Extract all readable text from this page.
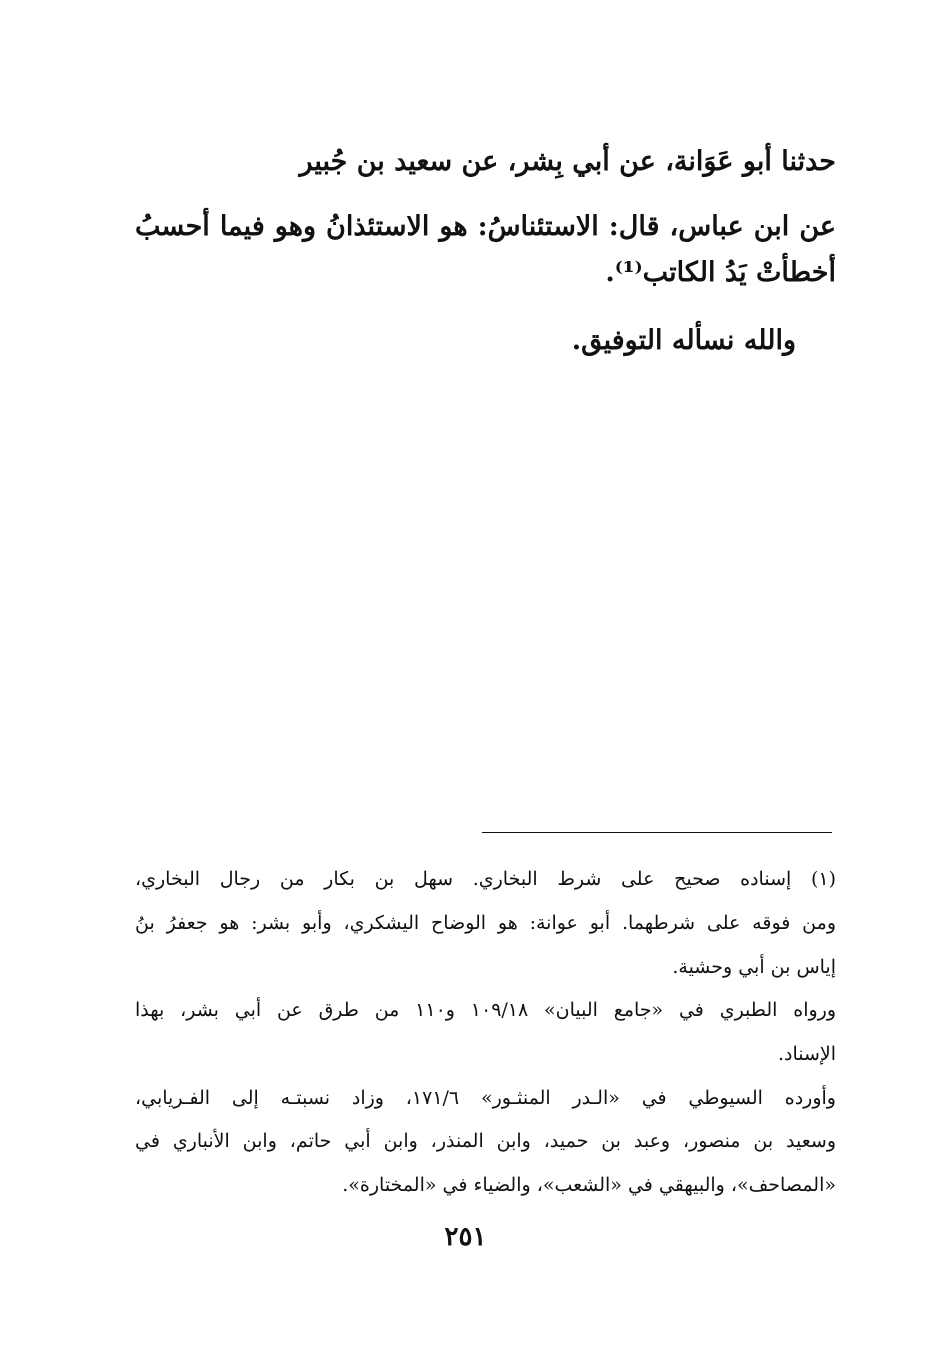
حدثنا أبو عَوَانة، عن أبي بِشر، عن سعيد بن جُبير

عن ابن عباس، قال: الاستئناسُ: هو الاستئذانُ وهو فيما أحسبُ

أخطأتْ يَدُ الكاتب⁽¹⁾.

والله نسأله التوفيق.

(١) إسناده صحيح على شرط البخاري. سهل بن بكار من رجال البخاري،

ومن فوقه على شرطهما. أبو عوانة: هو الوضاح اليشكري، وأبو بشر: هو جعفرُ بنُ

إياس بن أبي وحشية.

ورواه الطبري في «جامع البيان» ١٠٩/١٨ و١١٠ من طرق عن أبي بشر، بهذا

الإسناد.

وأورده السيوطي في «الـدر المنثـور» ١٧١/٦، وزاد نسبتـه إلى الفـريابي،

وسعيد بن منصور، وعبد بن حميد، وابن المنذر، وابن أبي حاتم، وابن الأنباري في

«المصاحف»، والبيهقي في «الشعب»، والضياء في «المختارة».

٢٥١
